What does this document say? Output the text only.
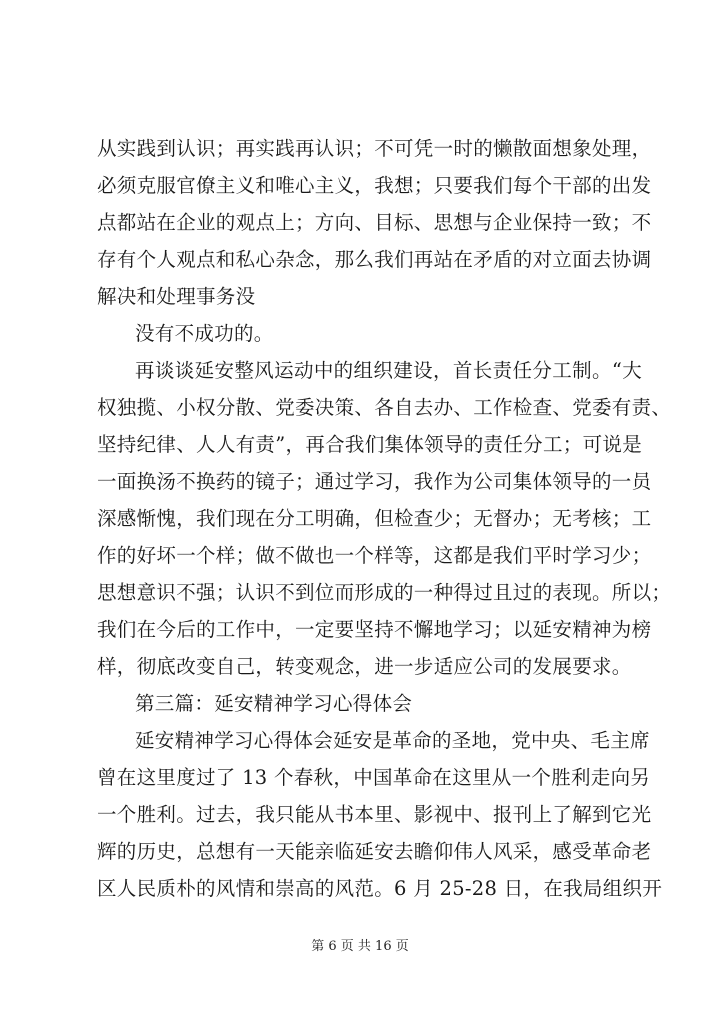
从实践到认识；再实践再认识；不可凭一时的懒散面想象处理，
必须克服官僚主义和唯心主义，我想；只要我们每个干部的出发
点都站在企业的观点上；方向、目标、思想与企业保持一致；不
存有个人观点和私心杂念，那么我们再站在矛盾的对立面去协调
解决和处理事务没
没有不成功的。
再谈谈延安整风运动中的组织建设，首长责任分工制。“大
权独揽、小权分散、党委决策、各自去办、工作检查、党委有责、
坚持纪律、人人有责”，再合我们集体领导的责任分工；可说是
一面换汤不换药的镜子；通过学习，我作为公司集体领导的一员
深感惭愧，我们现在分工明确，但检查少；无督办；无考核；工
作的好坏一个样；做不做也一个样等，这都是我们平时学习少；
思想意识不强；认识不到位而形成的一种得过且过的表现。所以；
我们在今后的工作中，一定要坚持不懈地学习；以延安精神为榜
样，彻底改变自己，转变观念，进一步适应公司的发展要求。
第三篇：延安精神学习心得体会
延安精神学习心得体会延安是革命的圣地，党中央、毛主席
曾在这里度过了 13 个春秋，中国革命在这里从一个胜利走向另
一个胜利。过去，我只能从书本里、影视中、报刊上了解到它光
辉的历史，总想有一天能亲临延安去瞻仰伟人风采，感受革命老
区人民质朴的风情和崇高的风范。6 月 25-28 日，在我局组织开
第 6 页 共 16 页
